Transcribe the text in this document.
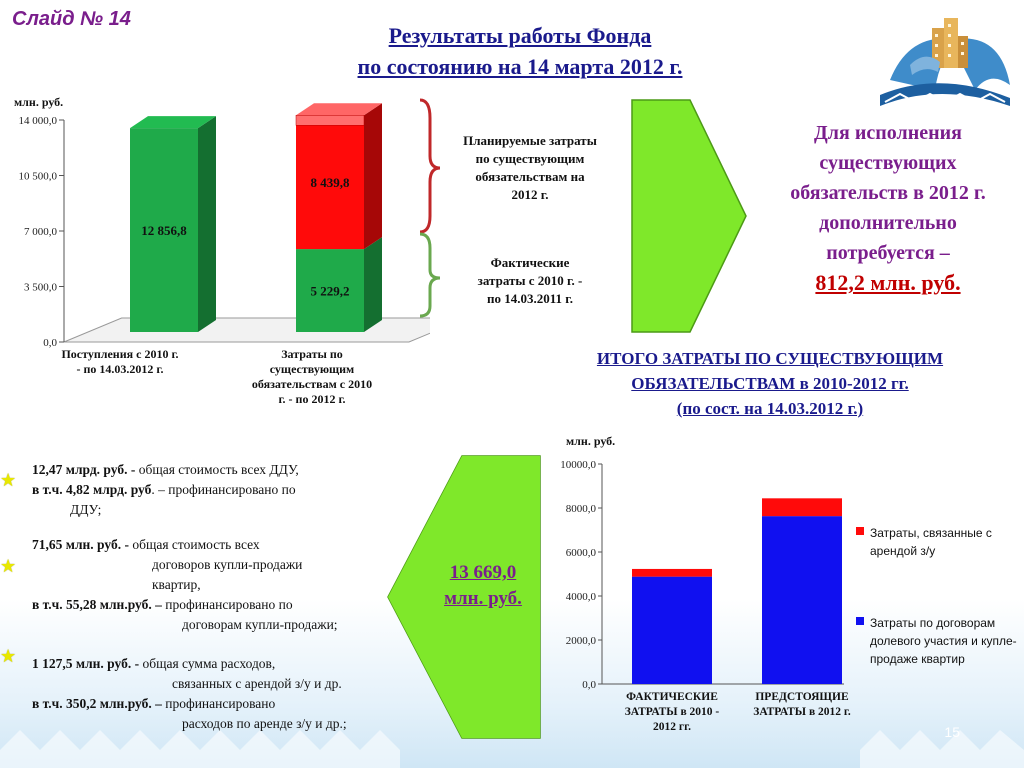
Слайд № 14
Результаты работы Фонда
по состоянию на 14 марта 2012 г.
млн. руб.
0,0
3 500,0
7 000,0
10 500,0
14 000,0
12 856,8
Поступления с 2010 г.
- по 14.03.2012 г.
5 229,2
8 439,8
Затраты по
существующим
обязательствам с 2010
г. - по 2012 г.
Планируемые затраты
по существующим
обязательствам на
2012 г.
Фактические
затраты с 2010 г. -
по 14.03.2011 г.
Для исполнения
существующих
обязательств в 2012 г.
дополнительно
потребуется –
812,2 млн. руб.
ИТОГО ЗАТРАТЫ ПО СУЩЕСТВУЮЩИМ
ОБЯЗАТЕЛЬСТВАМ в 2010-2012 гг.
(по сост. на 14.03.2012 г.)
млн. руб.
0,0
2000,0
4000,0
6000,0
8000,0
10000,0
ФАКТИЧЕСКИЕ
ЗАТРАТЫ в 2010 -
2012 гг.
ПРЕДСТОЯЩИЕ
ЗАТРАТЫ в 2012 г.
Затраты, связанные с арендой з/у
Затраты по договорам долевого участия и купле-продаже квартир
13 669,0
млн. руб.
★
12,47 млрд. руб. - общая стоимость всех ДДУ,
в т.ч. 4,82 млрд. руб. – профинансировано по
ДДУ;
★
71,65 млн. руб. - общая стоимость всех
договоров купли-продажи
квартир,
в т.ч. 55,28 млн.руб. – профинансировано по
договорам купли-продажи;
★ 1 127,5 млн. руб. - общая сумма расходов,
связанных с арендой з/у и др.
в т.ч. 350,2 млн.руб. – профинансировано
расходов по аренде з/у и др.;
15
